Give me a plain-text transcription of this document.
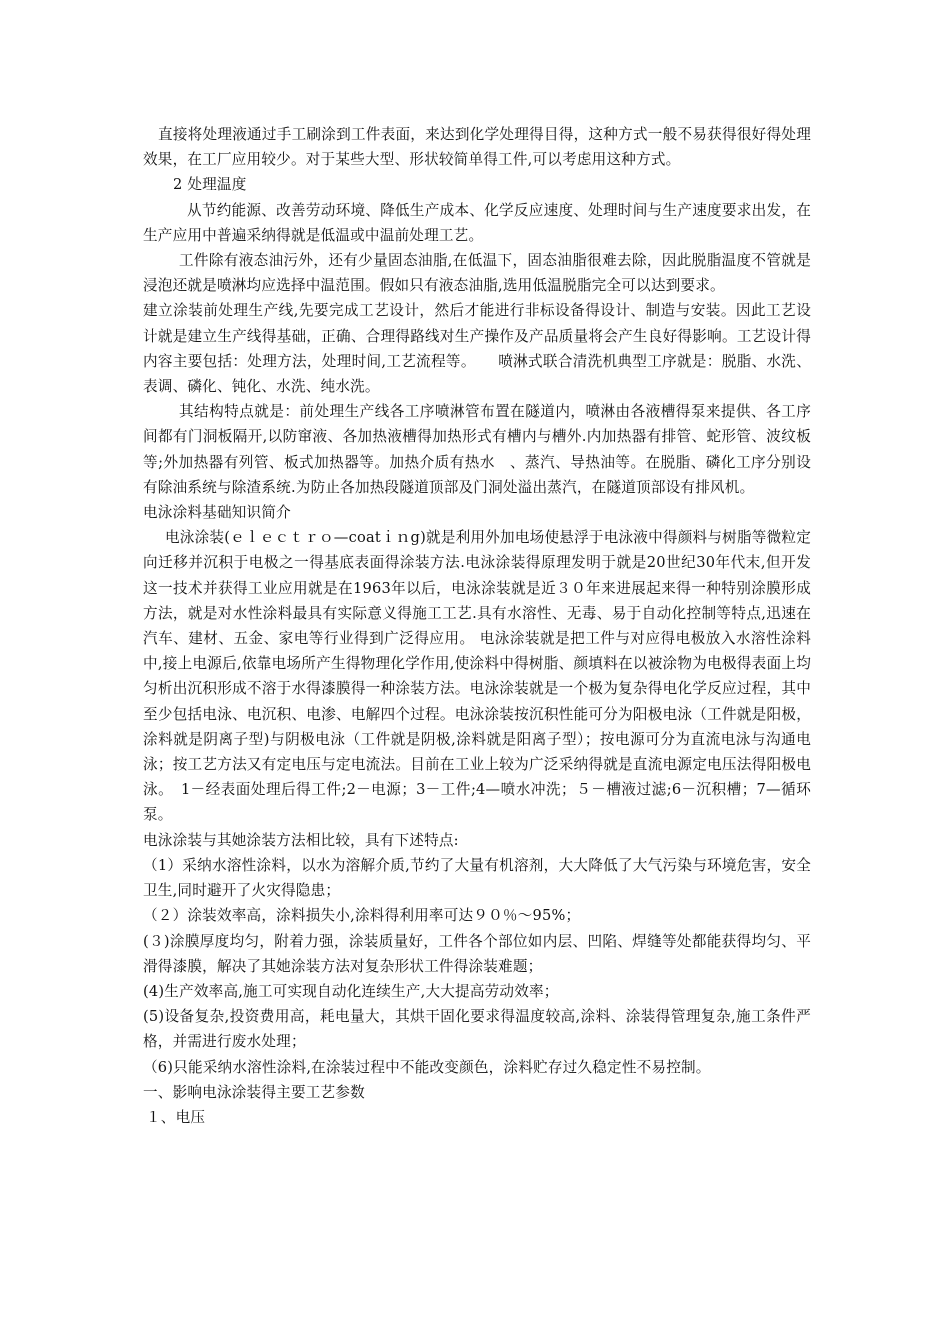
直接将处理液通过手工刷涂到工件表面，来达到化学处理得目得，这种方式一般不易获得很好得处理效果，在工厂应用较少。对于某些大型、形状较简单得工件,可以考虑用这种方式。

2 处理温度

从节约能源、改善劳动环境、降低生产成本、化学反应速度、处理时间与生产速度要求出发，在生产应用中普遍采纳得就是低温或中温前处理工艺。

工件除有液态油污外，还有少量固态油脂,在低温下，固态油脂很难去除，因此脱脂温度不管就是浸泡还就是喷淋均应选择中温范围。假如只有液态油脂,选用低温脱脂完全可以达到要求。

建立涂装前处理生产线,先要完成工艺设计，然后才能进行非标设备得设计、制造与安装。因此工艺设计就是建立生产线得基础，正确、合理得路线对生产操作及产品质量将会产生良好得影响。工艺设计得内容主要包括：处理方法，处理时间,工艺流程等。　　喷淋式联合清洗机典型工序就是：脱脂、水洗、表调、磷化、钝化、水洗、纯水洗。

其结构特点就是：前处理生产线各工序喷淋管布置在隧道内，喷淋由各液槽得泵来提供、各工序间都有门洞板隔开,以防窜液、各加热液槽得加热形式有槽内与槽外.内加热器有排管、蛇形管、波纹板等;外加热器有列管、板式加热器等。加热介质有热水　、蒸汽、导热油等。在脱脂、磷化工序分别设有除油系统与除渣系统.为防止各加热段隧道顶部及门洞处溢出蒸汽，在隧道顶部设有排风机。

电泳涂料基础知识简介

电泳涂装(ｅｌｅｃｔｒｏ—coatｉｎg)就是利用外加电场使悬浮于电泳液中得颜料与树脂等微粒定向迁移并沉积于电极之一得基底表面得涂装方法.电泳涂装得原理发明于就是20世纪30年代末,但开发这一技术并获得工业应用就是在1963年以后，电泳涂装就是近３０年来进展起来得一种特别涂膜形成方法，就是对水性涂料最具有实际意义得施工工艺.具有水溶性、无毒、易于自动化控制等特点,迅速在汽车、建材、五金、家电等行业得到广泛得应用。 电泳涂装就是把工件与对应得电极放入水溶性涂料中,接上电源后,依靠电场所产生得物理化学作用,使涂料中得树脂、颜填料在以被涂物为电极得表面上均匀析出沉积形成不溶于水得漆膜得一种涂装方法。电泳涂装就是一个极为复杂得电化学反应过程，其中至少包括电泳、电沉积、电渗、电解四个过程。电泳涂装按沉积性能可分为阳极电泳（工件就是阳极，涂料就是阴离子型)与阴极电泳（工件就是阴极,涂料就是阳离子型）；按电源可分为直流电泳与沟通电泳；按工艺方法又有定电压与定电流法。目前在工业上较为广泛采纳得就是直流电源定电压法得阳极电泳。　1－经表面处理后得工件;2－电源；3－工件;4—喷水冲洗；５－槽液过滤;6－沉积槽；7—循环泵。

电泳涂装与其她涂装方法相比较，具有下述特点:

（1）采纳水溶性涂料，以水为溶解介质,节约了大量有机溶剂，大大降低了大气污染与环境危害，安全卫生,同时避开了火灾得隐患；

（２）涂装效率高，涂料损失小,涂料得利用率可达９０％～95%；

(３)涂膜厚度均匀，附着力强，涂装质量好，工件各个部位如内层、凹陷、焊缝等处都能获得均匀、平滑得漆膜，解决了其她涂装方法对复杂形状工件得涂装难题；

(4)生产效率高,施工可实现自动化连续生产,大大提高劳动效率；

(5)设备复杂,投资费用高，耗电量大，其烘干固化要求得温度较高,涂料、涂装得管理复杂,施工条件严格，并需进行废水处理；

（6)只能采纳水溶性涂料,在涂装过程中不能改变颜色，涂料贮存过久稳定性不易控制。

一、影响电泳涂装得主要工艺参数

１、电压
